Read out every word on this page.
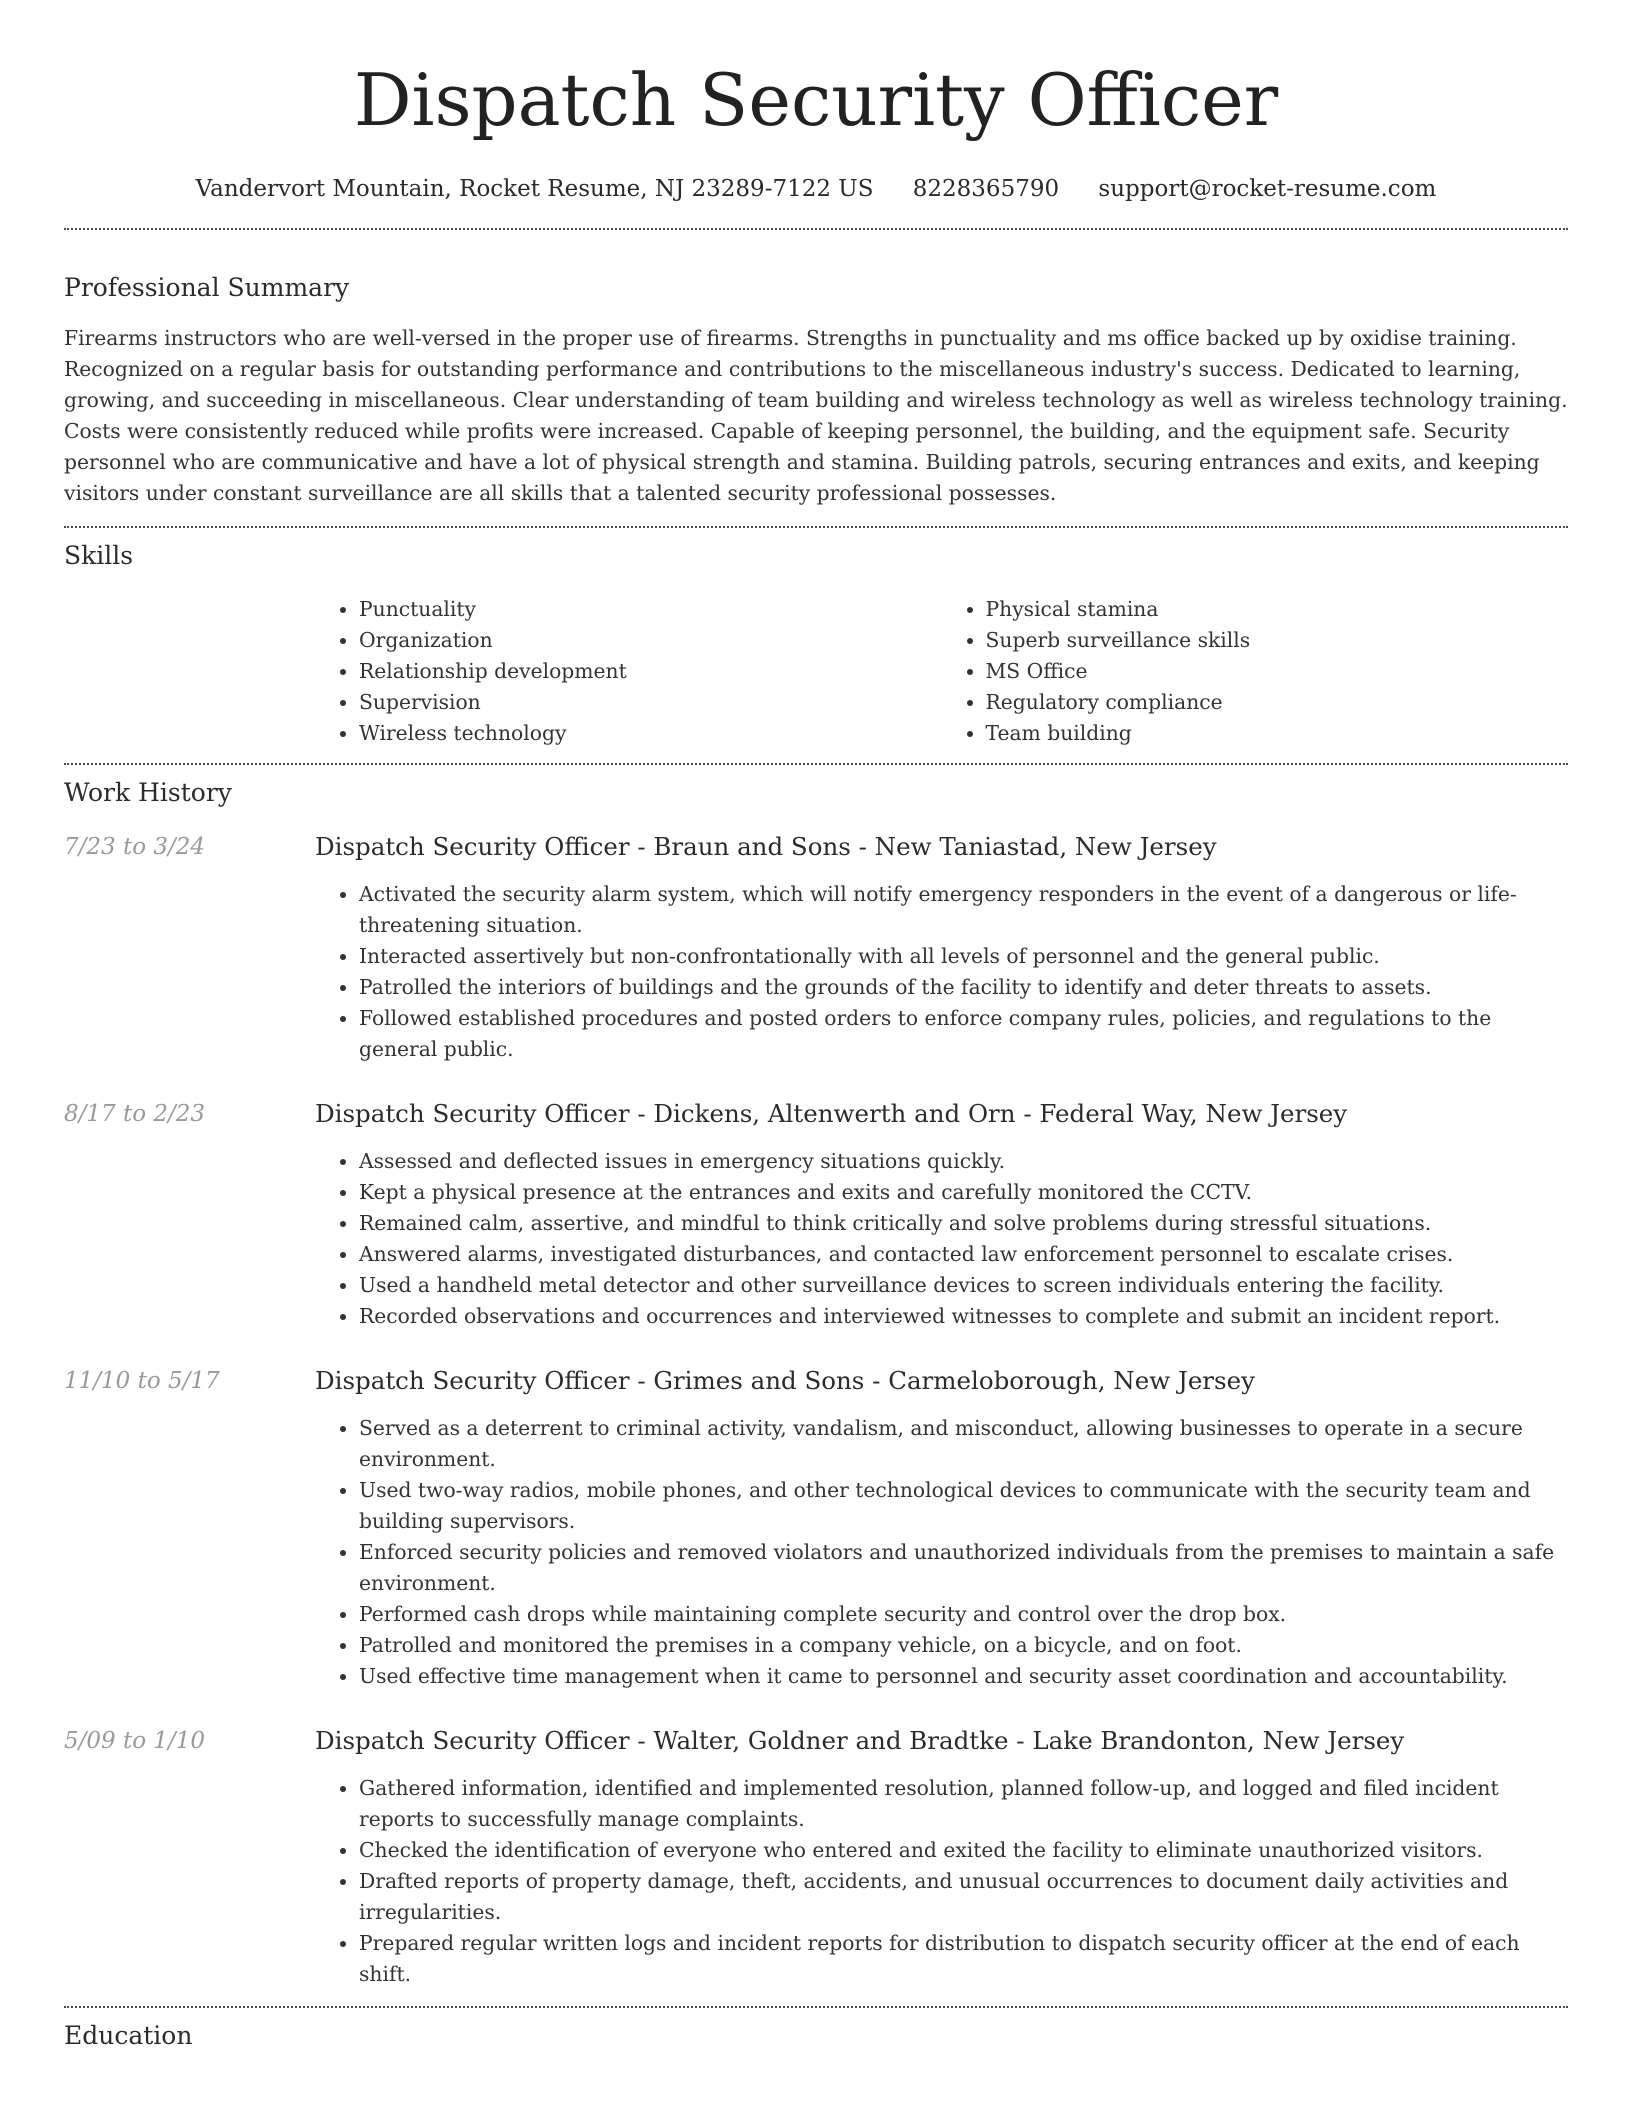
Dispatch Security Officer
Vandervort Mountain, Rocket Resume, NJ 23289-7122 US 8228365790 support@rocket-resume.com
Professional Summary

Firearms instructors who are well-versed in the proper use of firearms. Strengths in punctuality and ms office backed up by oxidise training. Recognized on a regular basis for outstanding performance and contributions to the miscellaneous industry's success. Dedicated to learning, growing, and succeeding in miscellaneous. Clear understanding of team building and wireless technology as well as wireless technology training. Costs were consistently reduced while profits were increased. Capable of keeping personnel, the building, and the equipment safe. Security personnel who are communicative and have a lot of physical strength and stamina. Building patrols, securing entrances and exits, and keeping visitors under constant surveillance are all skills that a talented security professional possesses.

Skills
• Punctuality
• Organization
• Relationship development
• Supervision
• Wireless technology
• Physical stamina
• Superb surveillance skills
• MS Office
• Regulatory compliance
• Team building
Work History
7/23 to 3/24	Dispatch Security Officer - Braun and Sons - New Taniastad, New Jersey
• Activated the security alarm system, which will notify emergency responders in the event of a dangerous or life-threatening situation.
• Interacted assertively but non-confrontationally with all levels of personnel and the general public.
• Patrolled the interiors of buildings and the grounds of the facility to identify and deter threats to assets.
• Followed established procedures and posted orders to enforce company rules, policies, and regulations to the general public.
8/17 to 2/23	Dispatch Security Officer - Dickens, Altenwerth and Orn - Federal Way, New Jersey
• Assessed and deflected issues in emergency situations quickly.
• Kept a physical presence at the entrances and exits and carefully monitored the CCTV.
• Remained calm, assertive, and mindful to think critically and solve problems during stressful situations.
• Answered alarms, investigated disturbances, and contacted law enforcement personnel to escalate crises.
• Used a handheld metal detector and other surveillance devices to screen individuals entering the facility.
• Recorded observations and occurrences and interviewed witnesses to complete and submit an incident report.
11/10 to 5/17	Dispatch Security Officer - Grimes and Sons - Carmeloborough, New Jersey
• Served as a deterrent to criminal activity, vandalism, and misconduct, allowing businesses to operate in a secure environment.
• Used two-way radios, mobile phones, and other technological devices to communicate with the security team and building supervisors.
• Enforced security policies and removed violators and unauthorized individuals from the premises to maintain a safe environment.
• Performed cash drops while maintaining complete security and control over the drop box.
• Patrolled and monitored the premises in a company vehicle, on a bicycle, and on foot.
• Used effective time management when it came to personnel and security asset coordination and accountability.
5/09 to 1/10	Dispatch Security Officer - Walter, Goldner and Bradtke - Lake Brandonton, New Jersey
• Gathered information, identified and implemented resolution, planned follow-up, and logged and filed incident reports to successfully manage complaints.
• Checked the identification of everyone who entered and exited the facility to eliminate unauthorized visitors.
• Drafted reports of property damage, theft, accidents, and unusual occurrences to document daily activities and irregularities.
• Prepared regular written logs and incident reports for distribution to dispatch security officer at the end of each shift.
Education
